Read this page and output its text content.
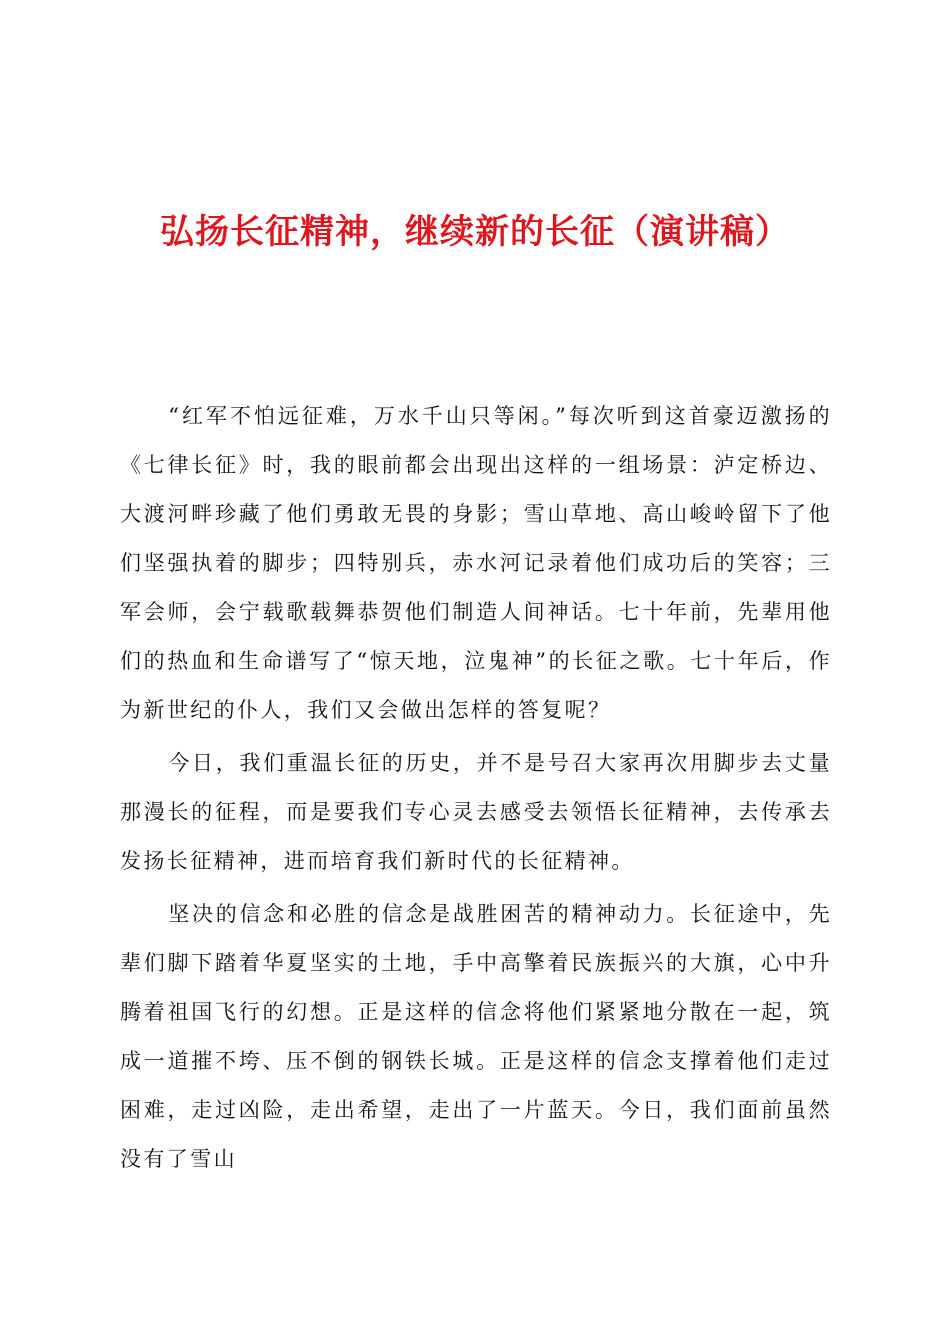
弘扬长征精神，继续新的长征（演讲稿）

“红军不怕远征难，万水千山只等闲。”每次听到这首豪迈激扬的《七律长征》时，我的眼前都会出现出这样的一组场景：泸定桥边、大渡河畔珍藏了他们勇敢无畏的身影；雪山草地、高山峻岭留下了他们坚强执着的脚步；四特别兵，赤水河记录着他们成功后的笑容；三军会师，会宁载歌载舞恭贺他们制造人间神话。七十年前，先辈用他们的热血和生命谱写了“惊天地，泣鬼神”的长征之歌。七十年后，作为新世纪的仆人，我们又会做出怎样的答复呢？

今日，我们重温长征的历史，并不是号召大家再次用脚步去丈量那漫长的征程，而是要我们专心灵去感受去领悟长征精神，去传承去发扬长征精神，进而培育我们新时代的长征精神。

坚决的信念和必胜的信念是战胜困苦的精神动力。长征途中，先辈们脚下踏着华夏坚实的土地，手中高擎着民族振兴的大旗，心中升腾着祖国飞行的幻想。正是这样的信念将他们紧紧地分散在一起，筑成一道摧不垮、压不倒的钢铁长城。正是这样的信念支撑着他们走过困难，走过凶险，走出希望，走出了一片蓝天。今日，我们面前虽然没有了雪山
